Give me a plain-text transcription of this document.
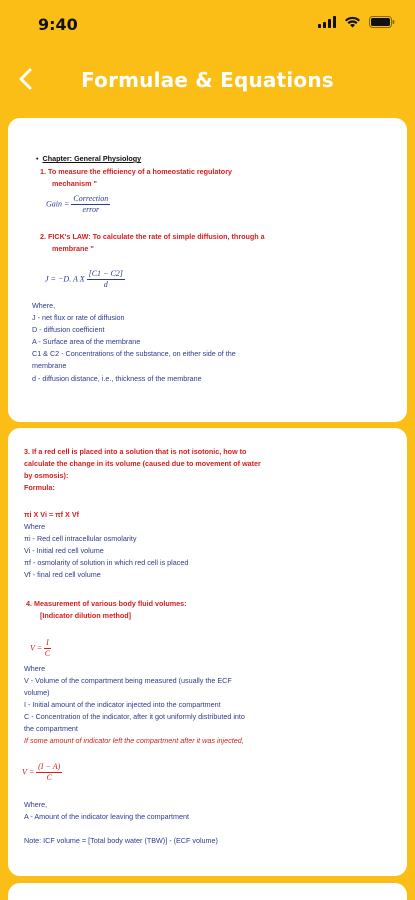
9:40
Formulae & Equations
•  Chapter: General Physiology
1. To measure the efficiency of a homeostatic regulatory
mechanism "
Gain = $\frac{\text{Correction}}{\text{error}}$
2. FICK's LAW: To calculate the rate of simple diffusion, through a
membrane "
J = −D. A X $\frac{[C1 - C2]}{d}$
Where,
J - net flux or rate of diffusion
D - diffusion coefficient
A - Surface area of the membrane
C1 & C2 - Concentrations of the substance, on either side of the
membrane
d - diffusion distance, i.e., thickness of the membrane
3. If a red cell is placed into a solution that is not isotonic, how to
calculate the change in its volume (caused due to movement of water
by osmosis):
Formula:
πi X Vi = πf X Vf
Where
πi - Red cell intracellular osmolarity
Vi - Initial red cell volume
πf - osmolarity of solution in which red cell is placed
Vf - final red cell volume
4. Measurement of various body fluid volumes:
[Indicator dilution method]
$V = \frac{I}{C}$
Where
V - Volume of the compartment being measured (usually the ECF
volume)
I - Initial amount of the indicator injected into the compartment
C - Concentration of the indicator, after it got uniformly distributed into
the compartment
If some amount of indicator left the compartment after it was injected,
$V = \frac{(I - A)}{C}$
Where,
A - Amount of the indicator leaving the compartment
Note: ICF volume = [Total body water (TBW)] - (ECF volume)
